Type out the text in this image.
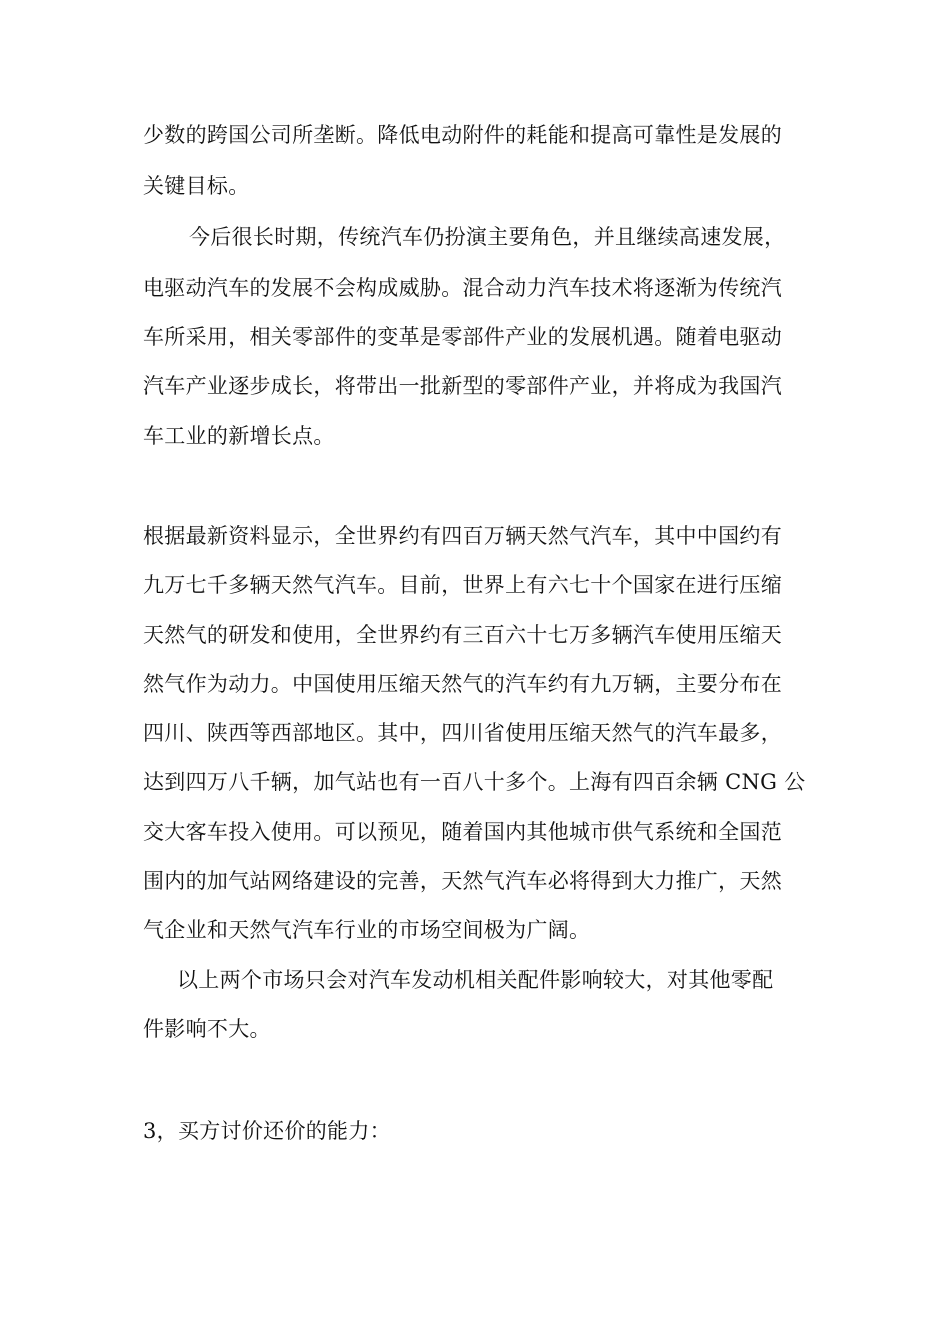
少数的跨国公司所垄断。降低电动附件的耗能和提高可靠性是发展的
关键目标。
今后很长时期，传统汽车仍扮演主要角色，并且继续高速发展，
电驱动汽车的发展不会构成威胁。混合动力汽车技术将逐渐为传统汽
车所采用，相关零部件的变革是零部件产业的发展机遇。随着电驱动
汽车产业逐步成长，将带出一批新型的零部件产业，并将成为我国汽
车工业的新增长点。
根据最新资料显示，全世界约有四百万辆天然气汽车，其中中国约有
九万七千多辆天然气汽车。目前，世界上有六七十个国家在进行压缩
天然气的研发和使用，全世界约有三百六十七万多辆汽车使用压缩天
然气作为动力。中国使用压缩天然气的汽车约有九万辆，主要分布在
四川、陕西等西部地区。其中，四川省使用压缩天然气的汽车最多，
达到四万八千辆，加气站也有一百八十多个。上海有四百余辆 CNG 公
交大客车投入使用。可以预见，随着国内其他城市供气系统和全国范
围内的加气站网络建设的完善，天然气汽车必将得到大力推广，天然
气企业和天然气汽车行业的市场空间极为广阔。
以上两个市场只会对汽车发动机相关配件影响较大，对其他零配
件影响不大。
3，买方讨价还价的能力：
